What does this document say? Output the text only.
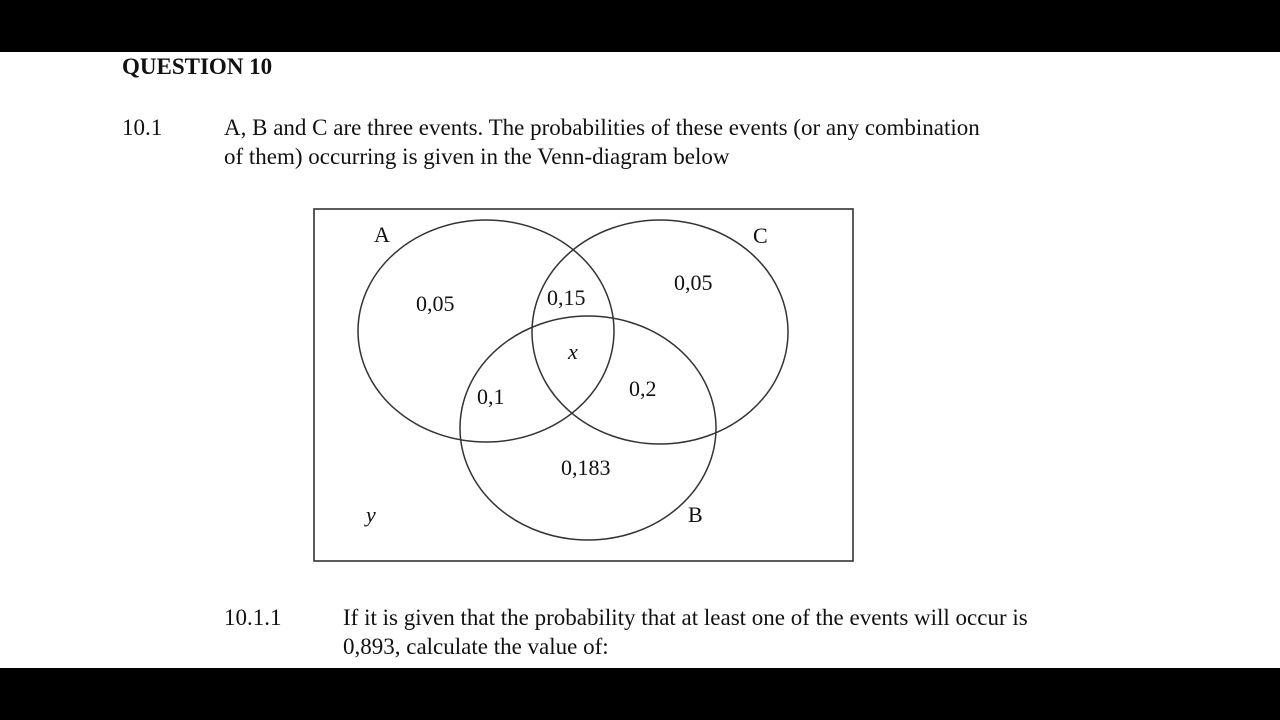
QUESTION 10
10.1	A, B and C are three events. The probabilities of these events (or any combination
of them) occurring is given in the Venn-diagram below
A	C
B
0,05	0,15
0,05
x
0,1	0,2
0,183
y
10.1.1	If it is given that the probability that at least one of the events will occur is
0,893, calculate the value of:
